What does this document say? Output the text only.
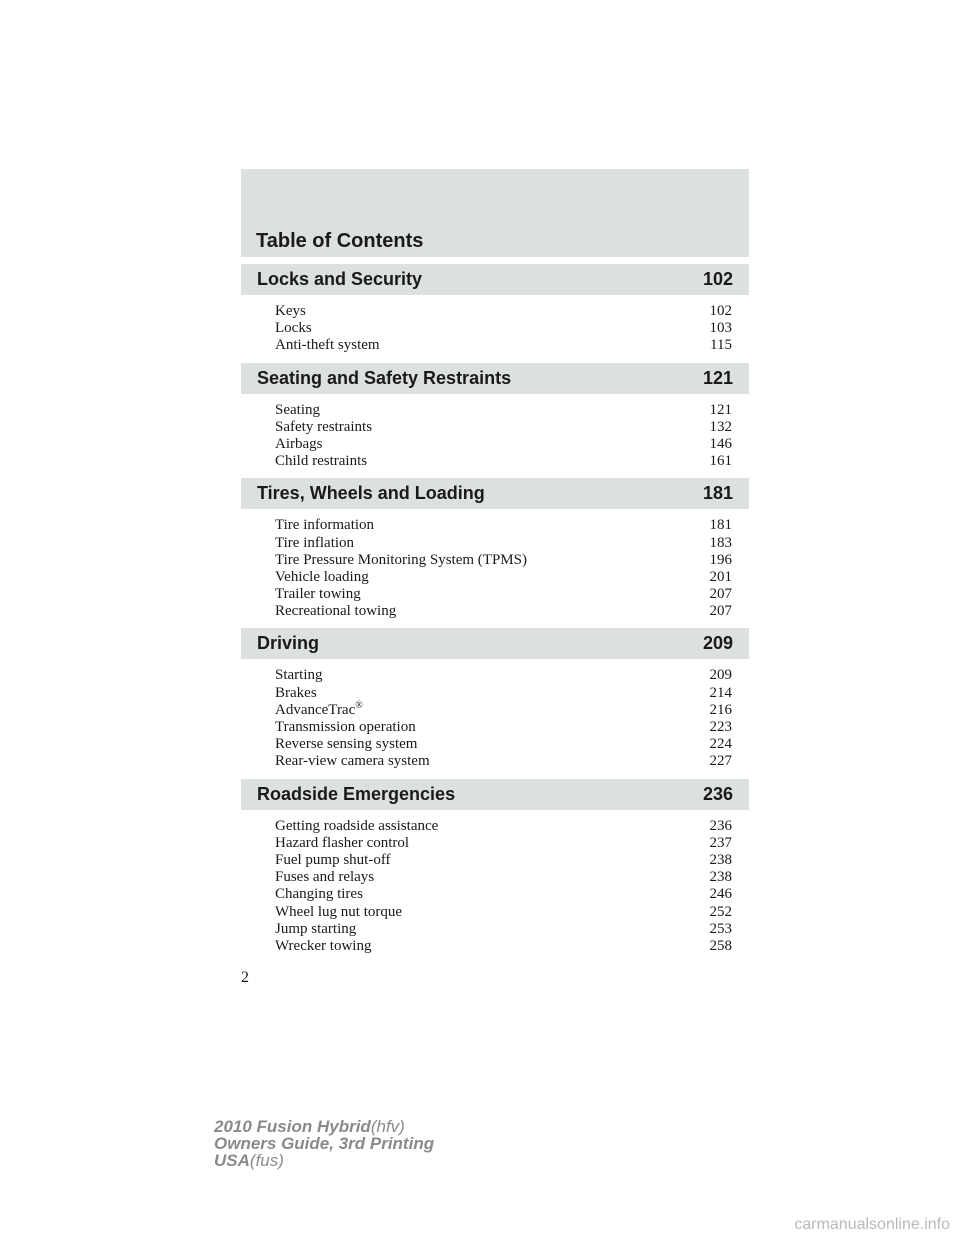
Table of Contents
Locks and Security	102
Keys	102
Locks	103
Anti-theft system	115
Seating and Safety Restraints	121
Seating	121
Safety restraints	132
Airbags	146
Child restraints	161
Tires, Wheels and Loading	181
Tire information	181
Tire inflation	183
Tire Pressure Monitoring System (TPMS)	196
Vehicle loading	201
Trailer towing	207
Recreational towing	207
Driving	209
Starting	209
Brakes	214
AdvanceTrac®	216
Transmission operation	223
Reverse sensing system	224
Rear-view camera system	227
Roadside Emergencies	236
Getting roadside assistance	236
Hazard flasher control	237
Fuel pump shut-off	238
Fuses and relays	238
Changing tires	246
Wheel lug nut torque	252
Jump starting	253
Wrecker towing	258
2
2010 Fusion Hybrid(hfv)
Owners Guide, 3rd Printing
USA(fus)
carmanualsonline.info
